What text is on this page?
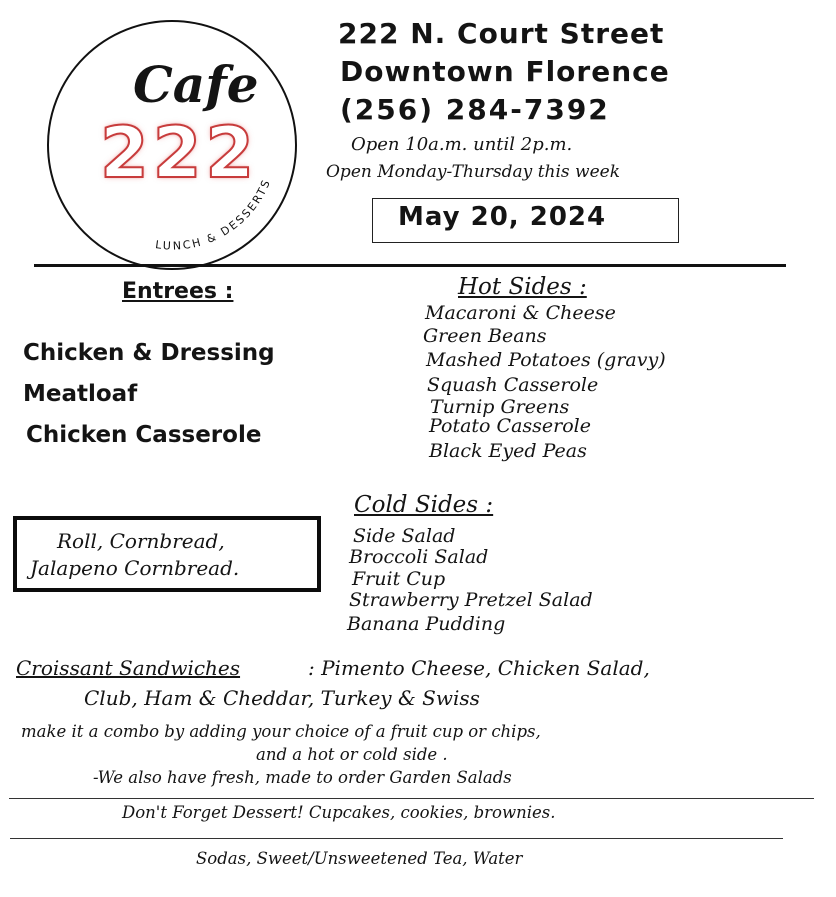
LUNCH & DESSERTS
Cafe
222
222 N. Court Street
Downtown Florence
(256) 284-7392
Open 10a.m. until 2p.m.
Open Monday-Thursday this week
May 20, 2024
Entrees :
Chicken & Dressing
Meatloaf
Chicken Casserole
Hot Sides :
Macaroni & Cheese
Green Beans
Mashed Potatoes (gravy)
Squash Casserole
Turnip Greens
Potato Casserole
Black Eyed Peas
Roll, Cornbread,
Jalapeno Cornbread.
Cold Sides :
Side Salad
Broccoli Salad
Fruit Cup
Strawberry Pretzel Salad
Banana Pudding
Croissant Sandwiches	: Pimento Cheese, Chicken Salad,
Club, Ham & Cheddar, Turkey & Swiss
make it a combo by adding your choice of a fruit cup or chips,
and a hot or cold side .
-We also have fresh, made to order Garden Salads
Don't Forget Dessert! Cupcakes, cookies, brownies.
Sodas, Sweet/Unsweetened Tea, Water
